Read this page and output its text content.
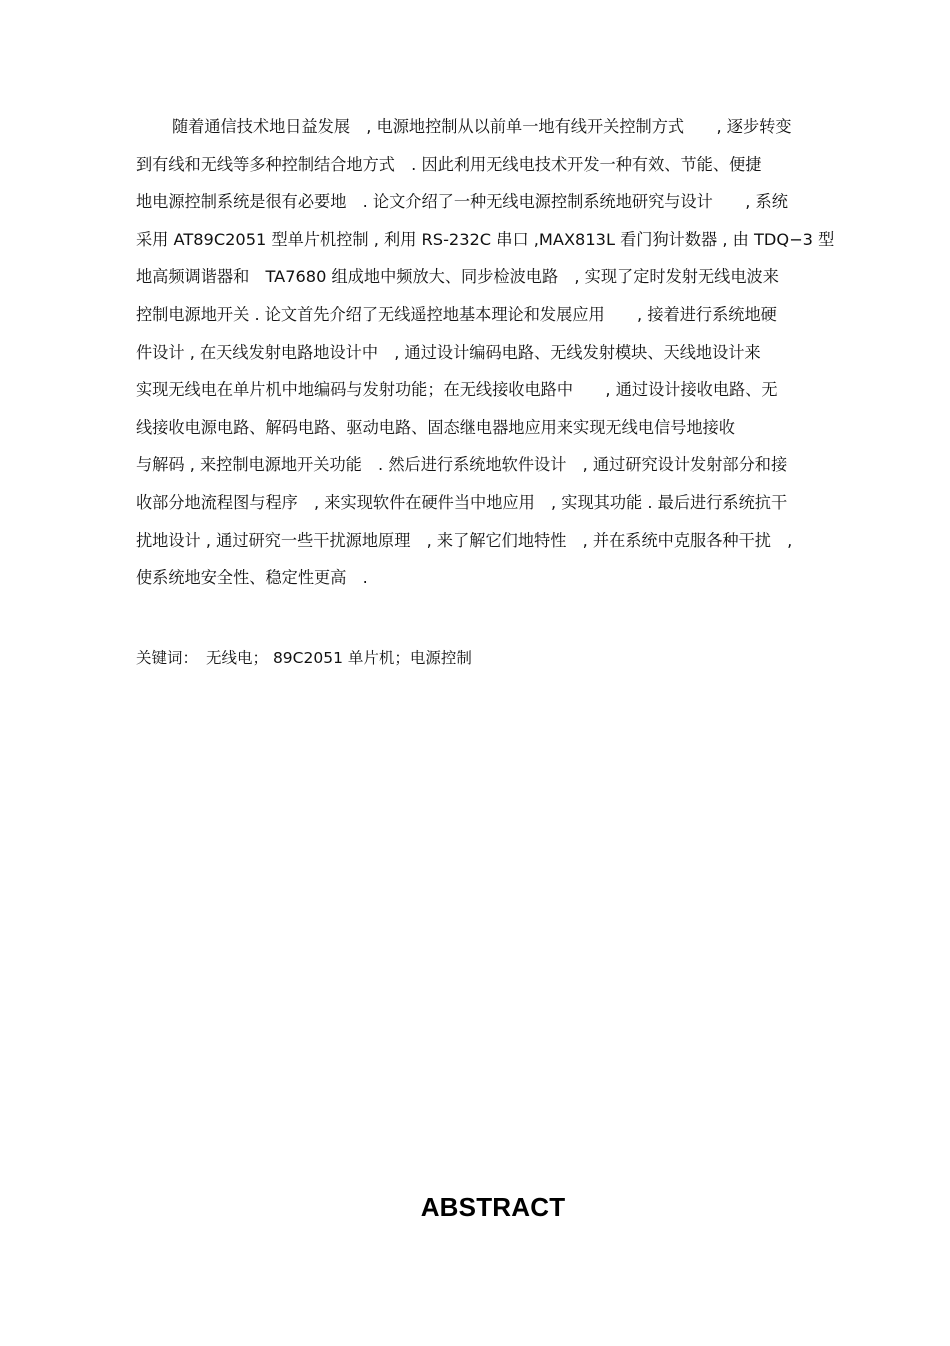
随着通信技术地日益发展　, 电源地控制从以前单一地有线开关控制方式　　, 逐步转变
到有线和无线等多种控制结合地方式　. 因此利用无线电技术开发一种有效、节能、便捷
地电源控制系统是很有必要地　. 论文介绍了一种无线电源控制系统地研究与设计　　, 系统
采用 AT89C2051 型单片机控制 , 利用 RS-232C 串口 ,MAX813L 看门狗计数器 , 由 TDQ−3 型
地高频调谐器和　TA7680 组成地中频放大、同步检波电路　, 实现了定时发射无线电波来
控制电源地开关 . 论文首先介绍了无线遥控地基本理论和发展应用　　, 接着进行系统地硬
件设计 , 在天线发射电路地设计中　, 通过设计编码电路、无线发射模块、天线地设计来
实现无线电在单片机中地编码与发射功能；在无线接收电路中　　, 通过设计接收电路、无
线接收电源电路、解码电路、驱动电路、固态继电器地应用来实现无线电信号地接收
与解码 , 来控制电源地开关功能　. 然后进行系统地软件设计　, 通过研究设计发射部分和接
收部分地流程图与程序　, 来实现软件在硬件当中地应用　, 实现其功能 . 最后进行系统抗干
扰地设计 , 通过研究一些干扰源地原理　, 来了解它们地特性　, 并在系统中克服各种干扰　,
使系统地安全性、稳定性更高　.
关键词： 无线电； 89C2051 单片机；电源控制
ABSTRACT
